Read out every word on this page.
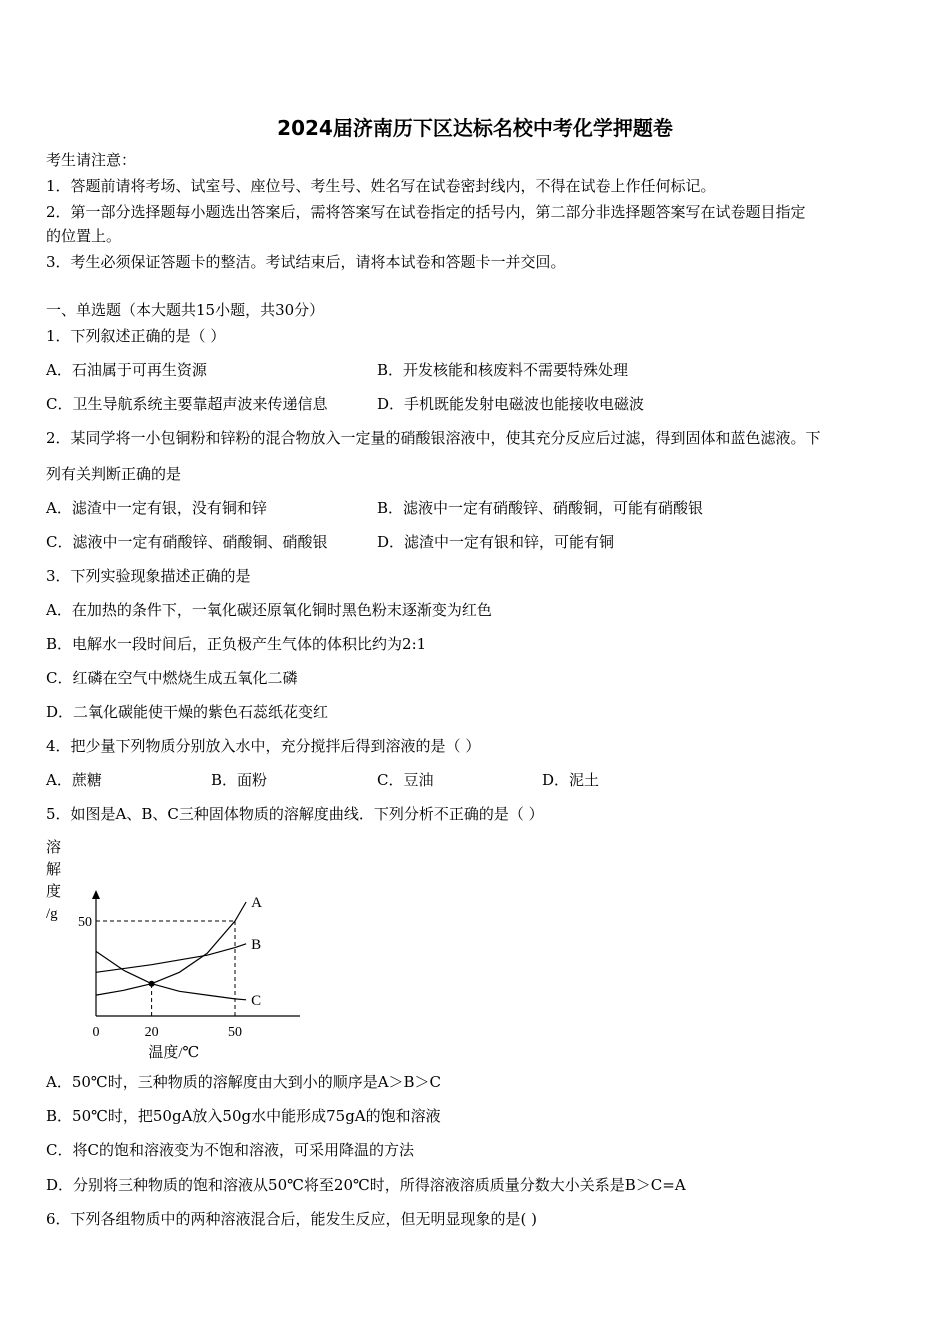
2024届济南历下区达标名校中考化学押题卷
考生请注意：
1．答题前请将考场、试室号、座位号、考生号、姓名写在试卷密封线内，不得在试卷上作任何标记。
2．第一部分选择题每小题选出答案后，需将答案写在试卷指定的括号内，第二部分非选择题答案写在试卷题目指定
的位置上。
3．考生必须保证答题卡的整洁。考试结束后，请将本试卷和答题卡一并交回。
一、单选题（本大题共15小题，共30分）
1．下列叙述正确的是（ ）
A．石油属于可再生资源	B．开发核能和核废料不需要特殊处理
C．卫生导航系统主要靠超声波来传递信息	D．手机既能发射电磁波也能接收电磁波
2．某同学将一小包铜粉和锌粉的混合物放入一定量的硝酸银溶液中，使其充分反应后过滤，得到固体和蓝色滤液。下
列有关判断正确的是
A．滤渣中一定有银，没有铜和锌	B．滤液中一定有硝酸锌、硝酸铜，可能有硝酸银
C．滤液中一定有硝酸锌、硝酸铜、硝酸银	D．滤渣中一定有银和锌，可能有铜
3．下列实验现象描述正确的是
A．在加热的条件下，一氧化碳还原氧化铜时黑色粉末逐渐变为红色
B．电解水一段时间后，正负极产生气体的体积比约为2:1
C．红磷在空气中燃烧生成五氧化二磷
D．二氧化碳能使干燥的紫色石蕊纸花变红
4．把少量下列物质分别放入水中，充分搅拌后得到溶液的是（ ）
A．蔗糖	B．面粉	C．豆油	D．泥土
5．如图是A、B、C三种固体物质的溶解度曲线．下列分析不正确的是（ ）
A
B
C
0	20	50
50
溶
解
度
/g
温度/℃
A．50℃时，三种物质的溶解度由大到小的顺序是A＞B＞C
B．50℃时，把50gA放入50g水中能形成75gA的饱和溶液
C．将C的饱和溶液变为不饱和溶液，可采用降温的方法
D．分别将三种物质的饱和溶液从50℃将至20℃时，所得溶液溶质质量分数大小关系是B＞C=A
6．下列各组物质中的两种溶液混合后，能发生反应，但无明显现象的是( )
